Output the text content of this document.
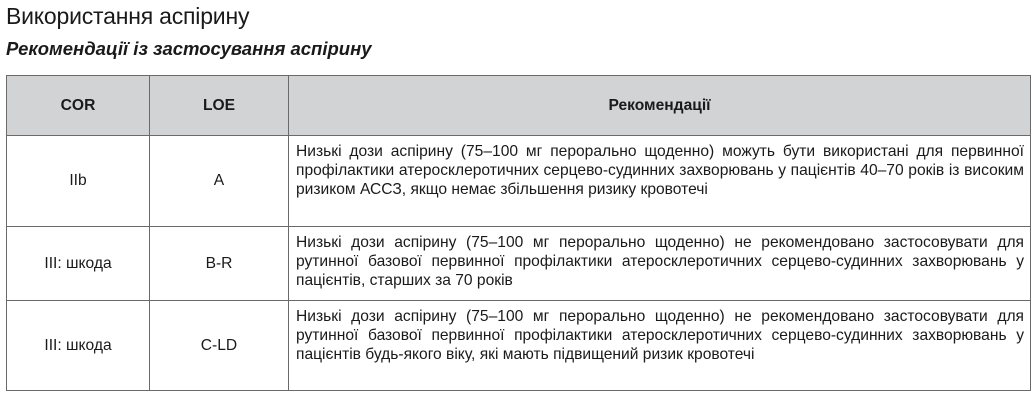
Використання аспірину
Рекомендації із застосування аспірину
COR	LOE	Рекомендації
IIb	A	Низькі дози аспірину (75–100 мг перорально щоденно) можуть бути використані для первинної профілактики атеросклеротичних серцево-судинних захворювань у пацієнтів 40–70 років із високим ризиком АССЗ, якщо немає збільшення ризику кровотечі
III: шкода	B-R	Низькі дози аспірину (75–100 мг перорально щоденно) не рекомендовано застосовувати для рутинної базової первинної профілактики атеросклеротичних серцево-судинних захворювань у пацієнтів, старших за 70 років
III: шкода	C-LD	Низькі дози аспірину (75–100 мг перорально щоденно) не рекомендовано застосовувати для рутинної базової первинної профілактики атеросклеротичних серцево-судинних захворювань у пацієнтів будь-якого віку, які мають підвищений ризик кровотечі
